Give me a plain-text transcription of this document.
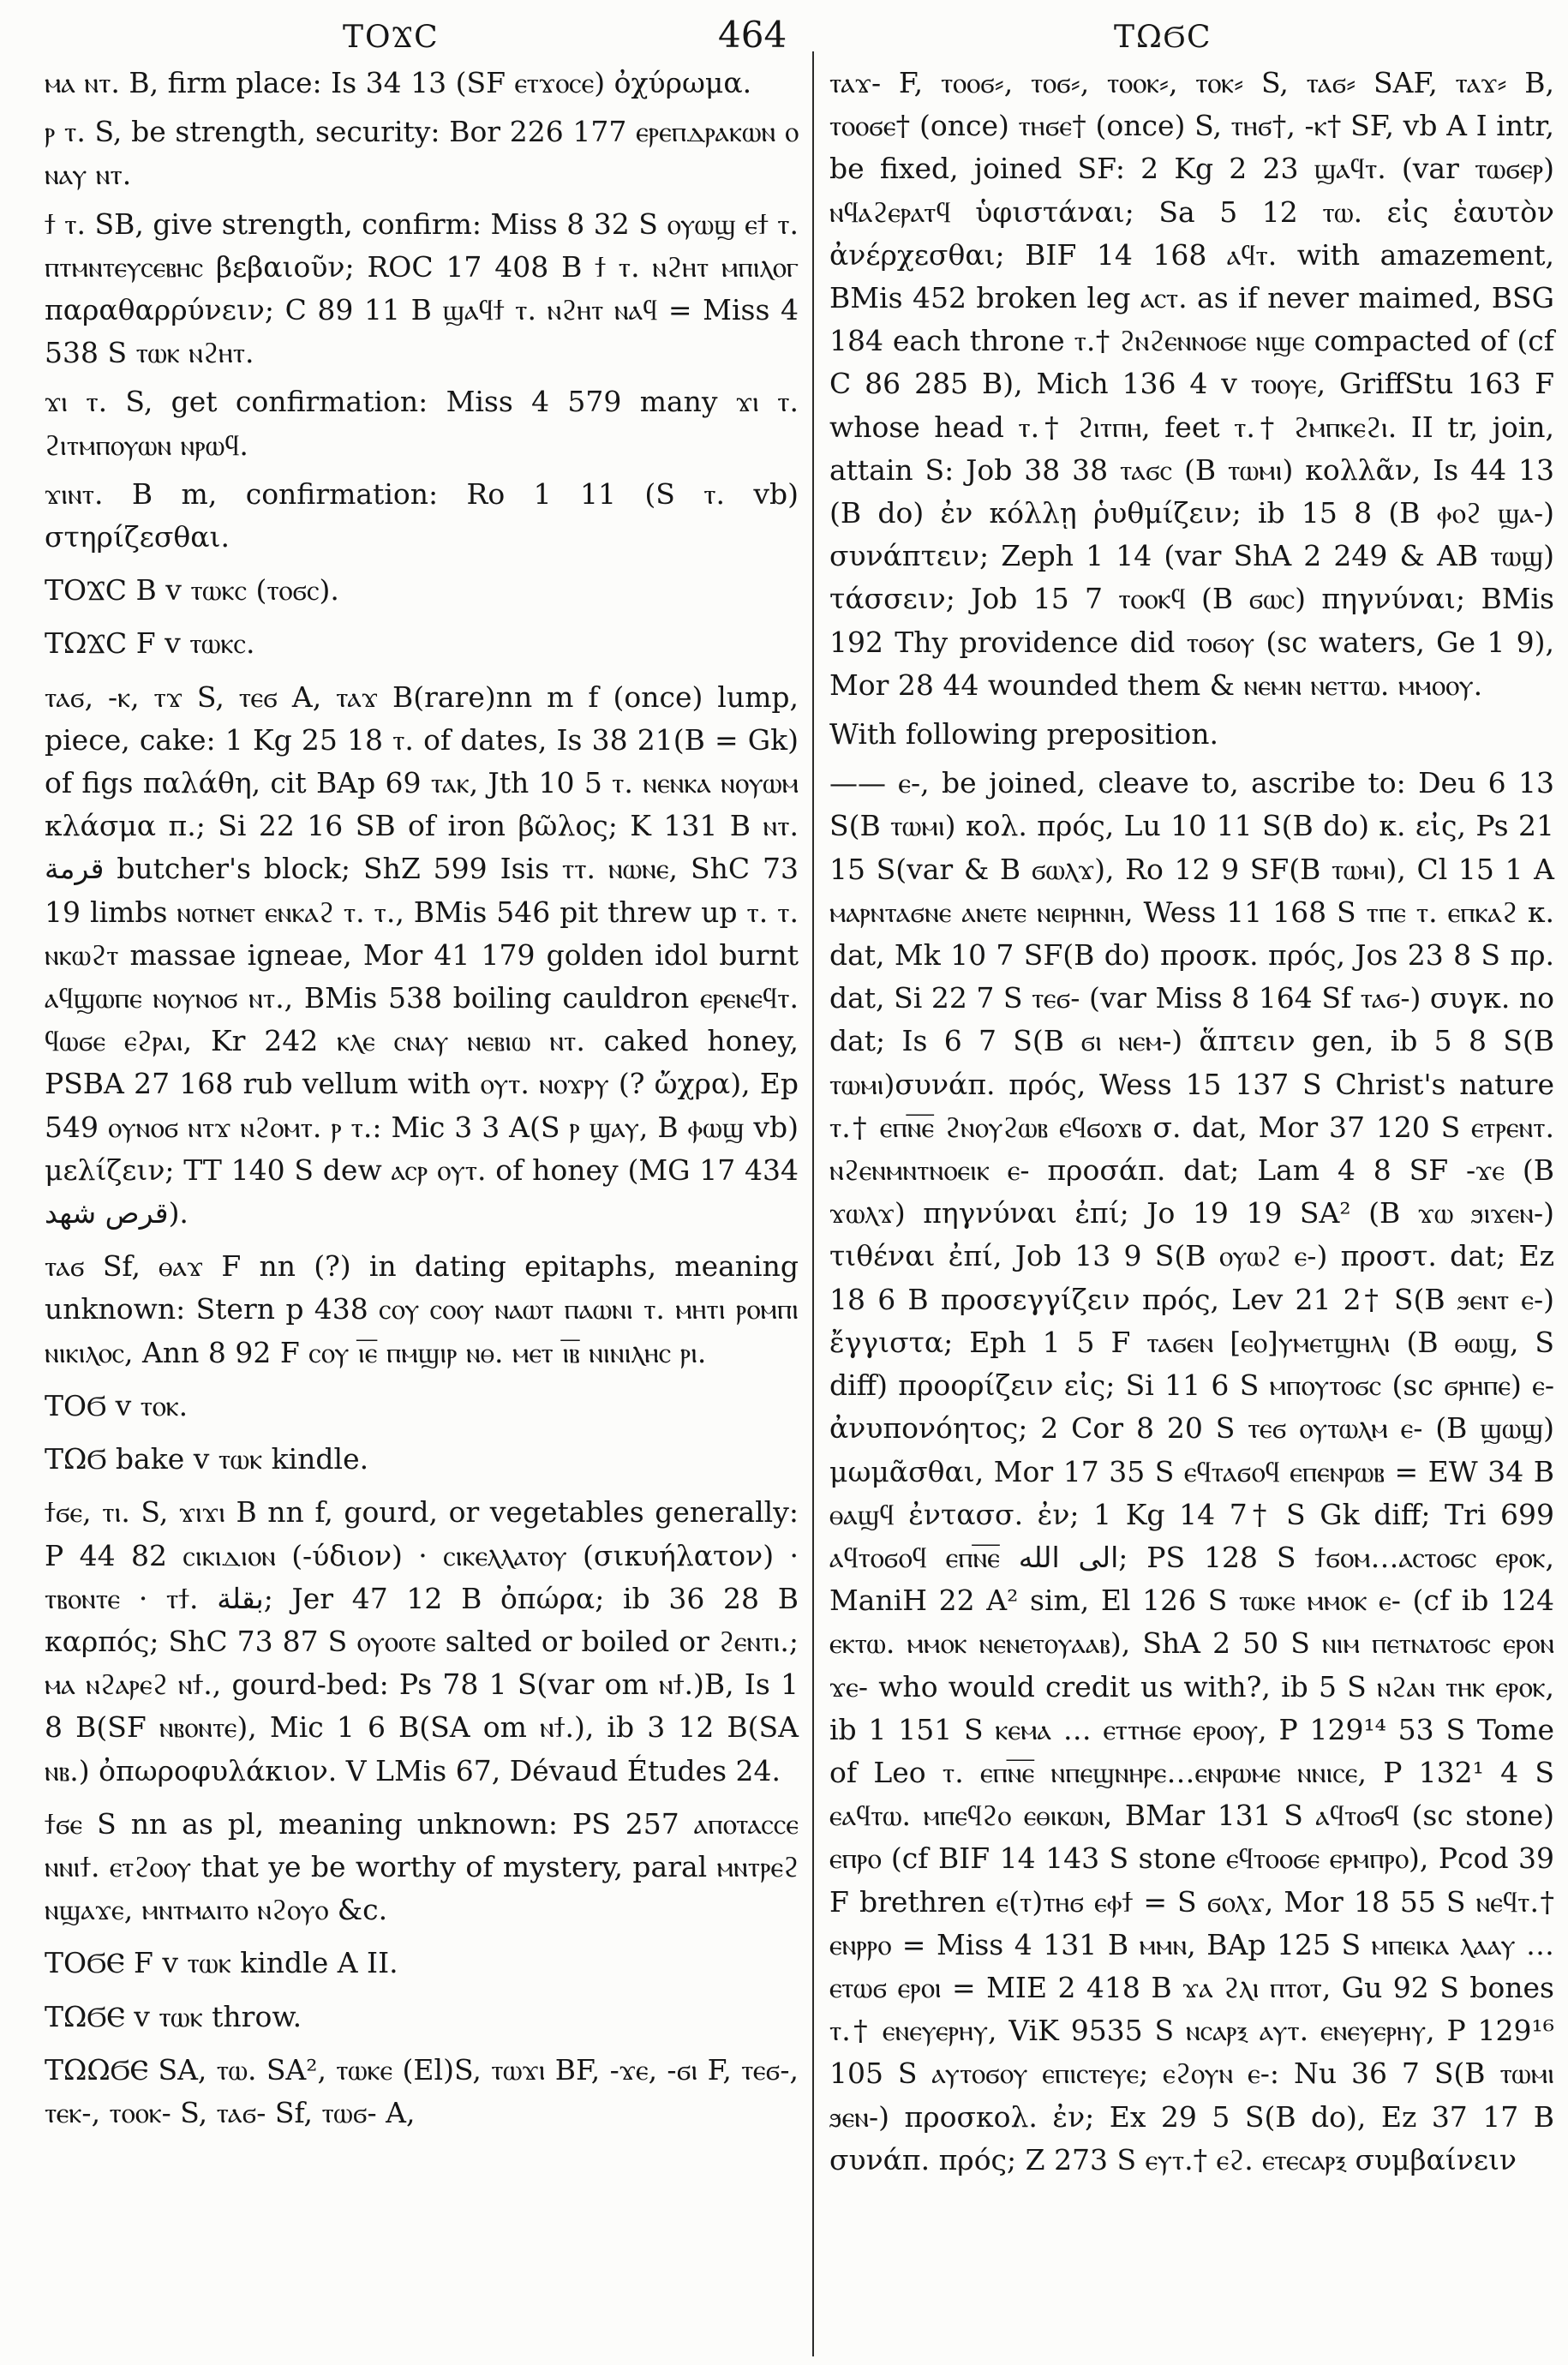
ΤΟϪϹ	464	ΤΩϬϹ

ⲙⲁ ⲛⲧ. B, firm place: Is 34 13 (SF ⲉⲧϫⲟⲥⲉ) ὀχύρωμα.

ⲣ ⲧ. S, be strength, security: Bor 226 177 ⲉⲣⲉⲡⲇⲣⲁⲕⲱⲛ ⲟ ⲛⲁⲩ ⲛⲧ.

ϯ ⲧ. SB, give strength, confirm: Miss 8 32 S ⲟⲩⲱϣ ⲉϯ ⲧ. ⲡⲧⲙⲛⲧⲉⲩⲥⲉⲃⲏⲥ βεβαιοῦν; ROC 17 408 B ϯ ⲧ. ⲛϩⲏⲧ ⲙⲡⲓⲗⲟⲅ παραθαρρύνειν; C 89 11 B ϣⲁϥϯ ⲧ. ⲛϩⲏⲧ ⲛⲁϥ = Miss 4 538 S ⲧⲱⲕ ⲛϩⲏⲧ.

ϫⲓ ⲧ. S, get confirmation: Miss 4 579 many ϫⲓ ⲧ. ϩⲓⲧⲙⲡⲟⲩⲱⲛ ⲛⲣⲱϥ.

ϫⲓⲛⲧ. B m, confirmation: Ro 1 11 (S ⲧ. vb) στηρίζεσθαι.

ΤΟϪϹ B v ⲧⲱⲕⲥ (ⲧⲟϭⲥ).

ΤΩϪϹ F v ⲧⲱⲕⲥ.

ⲧⲁϭ, -ⲕ, ⲧϫ S, ⲧⲉϭ A, ⲧⲁϫ B(rare)nn m f (once) lump, piece, cake: 1 Kg 25 18 ⲧ. of dates, Is 38 21(B = Gk) of figs παλάθη, cit BAp 69 ⲧⲁⲕ, Jth 10 5 ⲧ. ⲛⲉⲛⲕⲁ ⲛⲟⲩⲱⲙ κλάσμα π.; Si 22 16 SB of iron βῶλος; K 131 B ⲛⲧ. قرمة butcher's block; ShZ 599 Isis ⲧⲧ. ⲛⲱⲛⲉ, ShC 73 19 limbs ⲛⲟⲧⲛⲉⲧ ⲉⲛⲕⲁϩ ⲧ. ⲧ., BMis 546 pit threw up ⲧ. ⲧ. ⲛⲕⲱϩⲧ massae igneae, Mor 41 179 golden idol burnt ⲁϥϣⲱⲡⲉ ⲛⲟⲩⲛⲟϭ ⲛⲧ., BMis 538 boiling cauldron ⲉⲣⲉⲛⲉϥⲧ. ϥⲱϭⲉ ⲉϩⲣⲁⲓ, Kr 242 ⲕⲗⲉ ⲥⲛⲁⲩ ⲛⲉⲃⲓⲱ ⲛⲧ. caked honey, PSBA 27 168 rub vellum with ⲟⲩⲧ. ⲛⲟϫⲣⲩ (? ὤχρα), Ep 549 ⲟⲩⲛⲟϭ ⲛⲧϫ ⲛϩⲟⲙⲧ. ⲣ ⲧ.: Mic 3 3 A(S ⲣ ϣⲁⲩ, B ⲫⲱϣ vb) μελίζειν; TT 140 S dew ⲁⲥⲣ ⲟⲩⲧ. of honey (MG 17 434 قرص شهد).

ⲧⲁϭ Sf, ⲑⲁϫ F nn (?) in dating epitaphs, meaning unknown: Stern p 438 ⲥⲟⲩ ⲥⲟⲟⲩ ⲛⲁⲱⲧ ⲡⲁⲱⲛⲓ ⲧ. ⲙⲏⲧⲓ ⲣⲟⲙⲡⲓ ⲛⲓⲕⲓⲗⲟⲥ, Ann 8 92 F ⲥⲟⲩ ⲓ̅ⲉ̅ ⲡⲙϣⲓⲣ ⲛⲑ. ⲙⲉⲧ ⲓ̅ⲃ̅ ⲛⲓⲛⲓⲗⲏⲥ ⲣⲓ.

ΤΟϬ v ⲧⲟⲕ.

ΤΩϬ bake v ⲧⲱⲕ kindle.

ϯϭⲉ, ⲧⲓ. S, ϫⲓϫⲓ B nn f, gourd, or vegetables generally: P 44 82 ⲥⲓⲕⲓⲇⲓⲟⲛ (-ύδιον) · ⲥⲓⲕⲉⲗⲗⲁⲧⲟⲩ (σικυήλατον) · ⲧⲃⲟⲛⲧⲉ · ⲧϯ. بقلة; Jer 47 12 B ὀπώρα; ib 36 28 B καρπός; ShC 73 87 S ⲟⲩⲟⲟⲧⲉ salted or boiled or ϩⲉⲛⲧⲓ.; ⲙⲁ ⲛϩⲁⲣⲉϩ ⲛϯ., gourd-bed: Ps 78 1 S(var om ⲛϯ.)B, Is 1 8 B(SF ⲛⲃⲟⲛⲧⲉ), Mic 1 6 B(SA om ⲛϯ.), ib 3 12 B(SA ⲛⲃ.) ὀπωροφυλάκιον. V LMis 67, Dévaud Études 24.

ϯϭⲉ S nn as pl, meaning unknown: PS 257 ⲁⲡⲟⲧⲁⲥⲥⲉ ⲛⲛⲓϯ. ⲉⲧϩⲟⲟⲩ that ye be worthy of mystery, paral ⲙⲛⲧⲣⲉϩ ⲛϣⲁϫⲉ, ⲙⲛⲧⲙⲁⲓⲧⲟ ⲛϩⲟⲩⲟ &c.

ΤΟϬⲈ F v ⲧⲱⲕ kindle A II.

ΤΩϬⲈ v ⲧⲱⲕ throw.

ΤΩΩϬⲈ SA, ⲧⲱ. SA², ⲧⲱⲕⲉ (El)S, ⲧⲱϫⲓ BF, -ϫⲉ, -ϭⲓ F, ⲧⲉϭ-, ⲧⲉⲕ-, ⲧⲟⲟⲕ- S, ⲧⲁϭ- Sf, ⲧⲱϭ- A,

ⲧⲁϫ- F, ⲧⲟⲟϭ⸗, ⲧⲟϭ⸗, ⲧⲟⲟⲕ⸗, ⲧⲟⲕ⸗ S, ⲧⲁϭ⸗ SAF, ⲧⲁϫ⸗ B, ⲧⲟⲟϭⲉ† (once) ⲧⲏϭⲉ† (once) S, ⲧⲏϭ†, -ⲕ† SF, vb A I intr, be fixed, joined SF: 2 Kg 2 23 ϣⲁϥⲧ. (var ⲧⲱϭⲉⲣ) ⲛϥⲁϩⲉⲣⲁⲧϥ ὑφιστάναι; Sa 5 12 ⲧⲱ. εἰς ἑαυτὸν ἀνέρχεσθαι; BIF 14 168 ⲁϥⲧ. with amazement, BMis 452 broken leg ⲁⲥⲧ. as if never maimed, BSG 184 each throne ⲧ.† ϩⲛϩⲉⲛⲛⲟϭⲉ ⲛϣⲉ compacted of (cf C 86 285 B), Mich 136 4 v ⲧⲟⲟⲩⲉ, GriffStu 163 F whose head ⲧ.† ϩⲓⲧⲡⲏ, feet ⲧ.† ϩⲙⲡⲕⲉϩⲓ. II tr, join, attain S: Job 38 38 ⲧⲁϭⲥ (B ⲧⲱⲙⲓ) κολλᾶν, Is 44 13 (B do) ἐν κόλλῃ ῥυθμίζειν; ib 15 8 (B ⲫⲟϩ ϣⲁ-) συνάπτειν; Zeph 1 14 (var ShA 2 249 & AB ⲧⲱϣ) τάσσειν; Job 15 7 ⲧⲟⲟⲕϥ (B ϭⲱⲥ) πηγνύναι; BMis 192 Thy providence did ⲧⲟϭⲟⲩ (sc waters, Ge 1 9), Mor 28 44 wounded them & ⲛⲉⲙⲛ ⲛⲉⲧⲧⲱ. ⲙⲙⲟⲟⲩ.

With following preposition.

—— ⲉ-, be joined, cleave to, ascribe to: Deu 6 13 S(B ⲧⲱⲙⲓ) κολ. πρός, Lu 10 11 S(B do) κ. εἰς, Ps 21 15 S(var & B ϭⲱⲗϫ), Ro 12 9 SF(B ⲧⲱⲙⲓ), Cl 15 1 A ⲙⲁⲣⲛⲧⲁϭⲛⲉ ⲁⲛⲉⲧⲉ ⲛⲉⲓⲣⲏⲛⲏ, Wess 11 168 S ⲧⲡⲉ ⲧ. ⲉⲡⲕⲁϩ κ. dat, Mk 10 7 SF(B do) προσκ. πρός, Jos 23 8 S πρ. dat, Si 22 7 S ⲧⲉϭ- (var Miss 8 164 Sf ⲧⲁϭ-) συγκ. no dat; Is 6 7 S(B ϭⲓ ⲛⲉⲙ-) ἅπτειν gen, ib 5 8 S(B ⲧⲱⲙⲓ)συνάπ. πρός, Wess 15 137 S Christ's nature ⲧ.† ⲉⲡⲛ̅ⲉ̅ ϩⲛⲟⲩϩⲱⲃ ⲉϥϭⲟϫⲃ σ. dat, Mor 37 120 S ⲉⲧⲣⲉⲛⲧ. ⲛϩⲉⲛⲙⲛⲧⲛⲟⲉⲓⲕ ⲉ- προσάπ. dat; Lam 4 8 SF -ϫⲉ (B ϫⲱⲗϫ) πηγνύναι ἐπί; Jo 19 19 SA² (B ϫⲱ ϧⲓϫⲉⲛ-) τιθέναι ἐπί, Job 13 9 S(B ⲟⲩⲱϩ ⲉ-) προστ. dat; Ez 18 6 B προσεγγίζειν πρός, Lev 21 2† S(B ϧⲉⲛⲧ ⲉ-) ἔγγιστα; Eph 1 5 F ⲧⲁϭⲉⲛ [ⲉⲟ]ⲩⲙⲉⲧϣⲏⲗⲓ (B ⲑⲱϣ, S diff) προορίζειν εἰς; Si 11 6 S ⲙⲡⲟⲩⲧⲟϭⲥ (sc ϭⲣⲏⲡⲉ) ⲉ- ἀνυπονόητος; 2 Cor 8 20 S ⲧⲉϭ ⲟⲩⲧⲱⲗⲙ ⲉ- (B ϣⲱϣ) μωμᾶσθαι, Mor 17 35 S ⲉϥⲧⲁϭⲟϥ ⲉⲡⲉⲛⲣⲱⲃ = EW 34 B ⲑⲁϣϥ ἐντασσ. ἐν; 1 Kg 14 7† S Gk diff; Tri 699 ⲁϥⲧⲟϭⲟϥ ⲉⲡⲛ̅ⲉ̅ الى الله; PS 128 S ϯϭⲟⲙ…ⲁⲥⲧⲟϭⲥ ⲉⲣⲟⲕ, ManiH 22 A² sim, El 126 S ⲧⲱⲕⲉ ⲙⲙⲟⲕ ⲉ- (cf ib 124 ⲉⲕⲧⲱ. ⲙⲙⲟⲕ ⲛⲉⲛⲉⲧⲟⲩⲁⲁⲃ), ShA 2 50 S ⲛⲓⲙ ⲡⲉⲧⲛⲁⲧⲟϭⲥ ⲉⲣⲟⲛ ϫⲉ- who would credit us with?, ib 5 S ⲛϩⲁⲛ ⲧⲏⲕ ⲉⲣⲟⲕ, ib 1 151 S ⲕⲉⲙⲁ … ⲉⲧⲧⲏϭⲉ ⲉⲣⲟⲟⲩ, P 129¹⁴ 53 S Tome of Leo ⲧ. ⲉⲡⲛ̅ⲉ̅ ⲛⲡⲉϣⲛⲏⲣⲉ…ⲉⲛⲣⲱⲙⲉ ⲛⲛⲓⲥⲉ, P 132¹ 4 S ⲉⲁϥⲧⲱ. ⲙⲡⲉϥϩⲟ ⲉⲑⲓⲕⲱⲛ, BMar 131 S ⲁϥⲧⲟϭϥ (sc stone) ⲉⲡⲣⲟ (cf BIF 14 143 S stone ⲉϥⲧⲟⲟϭⲉ ⲉⲣⲙⲡⲣⲟ), Pcod 39 F brethren ⲉ(ⲧ)ⲧⲏϭ ⲉⲫϯ = S ϭⲟⲗϫ, Mor 18 55 S ⲛⲉϥⲧ.† ⲉⲛⲣⲣⲟ = Miss 4 131 B ⲙⲙⲛ, BAp 125 S ⲙⲡⲉⲓⲕⲁ ⲗⲁⲁⲩ … ⲉⲧⲱϭ ⲉⲣⲟⲓ = MIE 2 418 B ϫⲁ ϩⲗⲓ ⲡⲧⲟⲧ, Gu 92 S bones ⲧ.† ⲉⲛⲉⲩⲉⲣⲏⲩ, ViK 9535 S ⲛⲥⲁⲣⲝ ⲁⲩⲧ. ⲉⲛⲉⲩⲉⲣⲏⲩ, P 129¹⁶ 105 S ⲁⲩⲧⲟϭⲟⲩ ⲉⲡⲓⲥⲧⲉⲩⲉ; ⲉϩⲟⲩⲛ ⲉ-: Nu 36 7 S(B ⲧⲱⲙⲓ ϧⲉⲛ-) προσκολ. ἐν; Ex 29 5 S(B do), Ez 37 17 B συνάπ. πρός; Z 273 S ⲉⲩⲧ.† ⲉϩ. ⲉⲧⲉⲥⲁⲣⲝ συμβαίνειν
